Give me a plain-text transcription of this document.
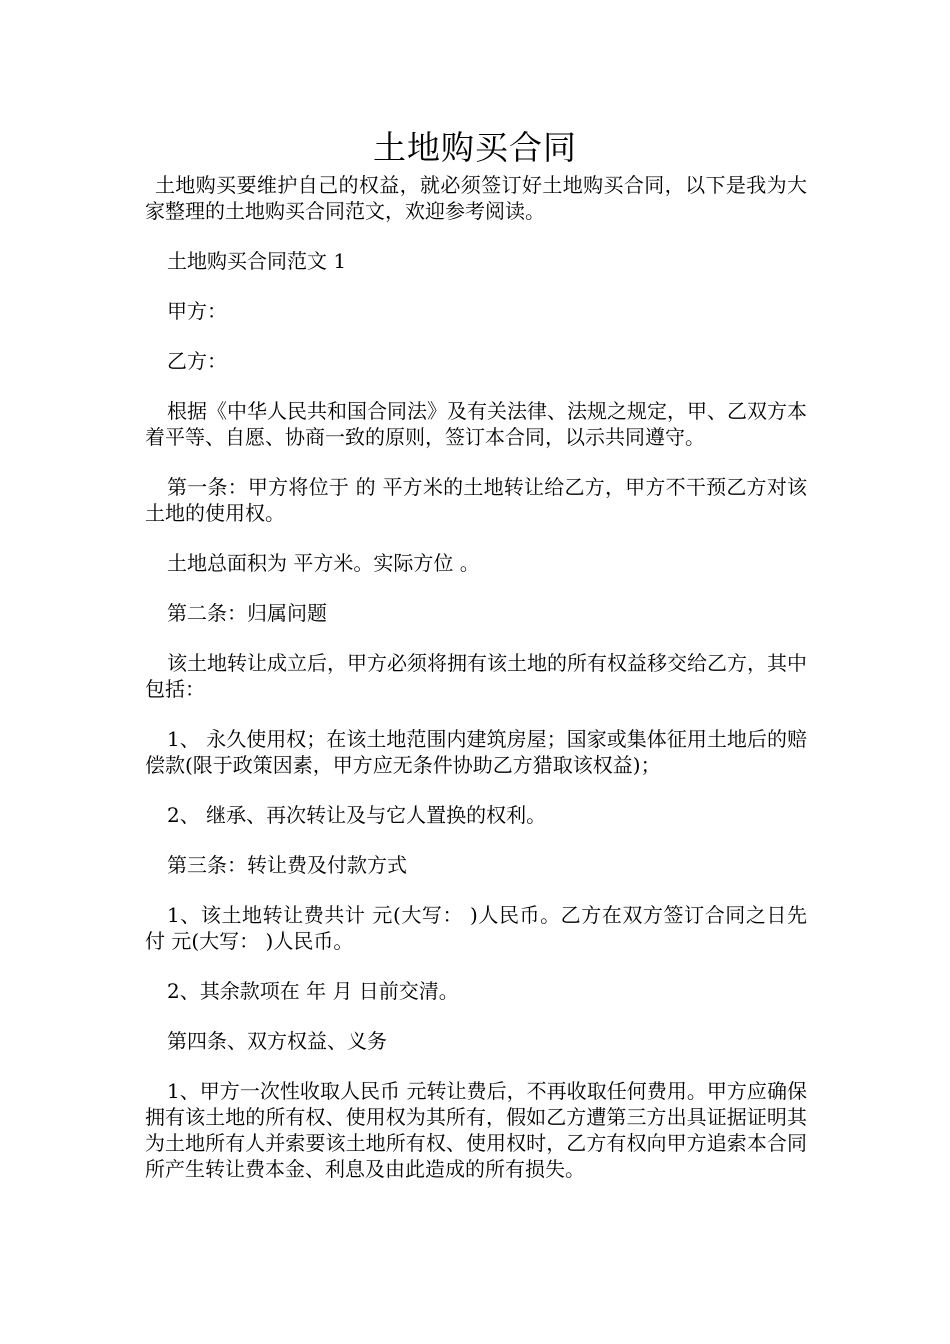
土地购买合同

土地购买要维护自己的权益，就必须签订好土地购买合同，以下是我为大家整理的土地购买合同范文，欢迎参考阅读。

土地购买合同范文 1

甲方：

乙方：

根据《中华人民共和国合同法》及有关法律、法规之规定，甲、乙双方本着平等、自愿、协商一致的原则，签订本合同，以示共同遵守。

第一条：甲方将位于 的 平方米的土地转让给乙方，甲方不干预乙方对该土地的使用权。

土地总面积为 平方米。实际方位 。

第二条：归属问题

该土地转让成立后，甲方必须将拥有该土地的所有权益移交给乙方，其中包括：

1、 永久使用权；在该土地范围内建筑房屋；国家或集体征用土地后的赔偿款(限于政策因素，甲方应无条件协助乙方猎取该权益)；

2、 继承、再次转让及与它人置换的权利。

第三条：转让费及付款方式

1、该土地转让费共计 元(大写： )人民币。乙方在双方签订合同之日先付 元(大写： )人民币。

2、其余款项在 年 月 日前交清。

第四条、双方权益、义务

1、甲方一次性收取人民币 元转让费后，不再收取任何费用。甲方应确保拥有该土地的所有权、使用权为其所有，假如乙方遭第三方出具证据证明其为土地所有人并索要该土地所有权、使用权时，乙方有权向甲方追索本合同所产生转让费本金、利息及由此造成的所有损失。
